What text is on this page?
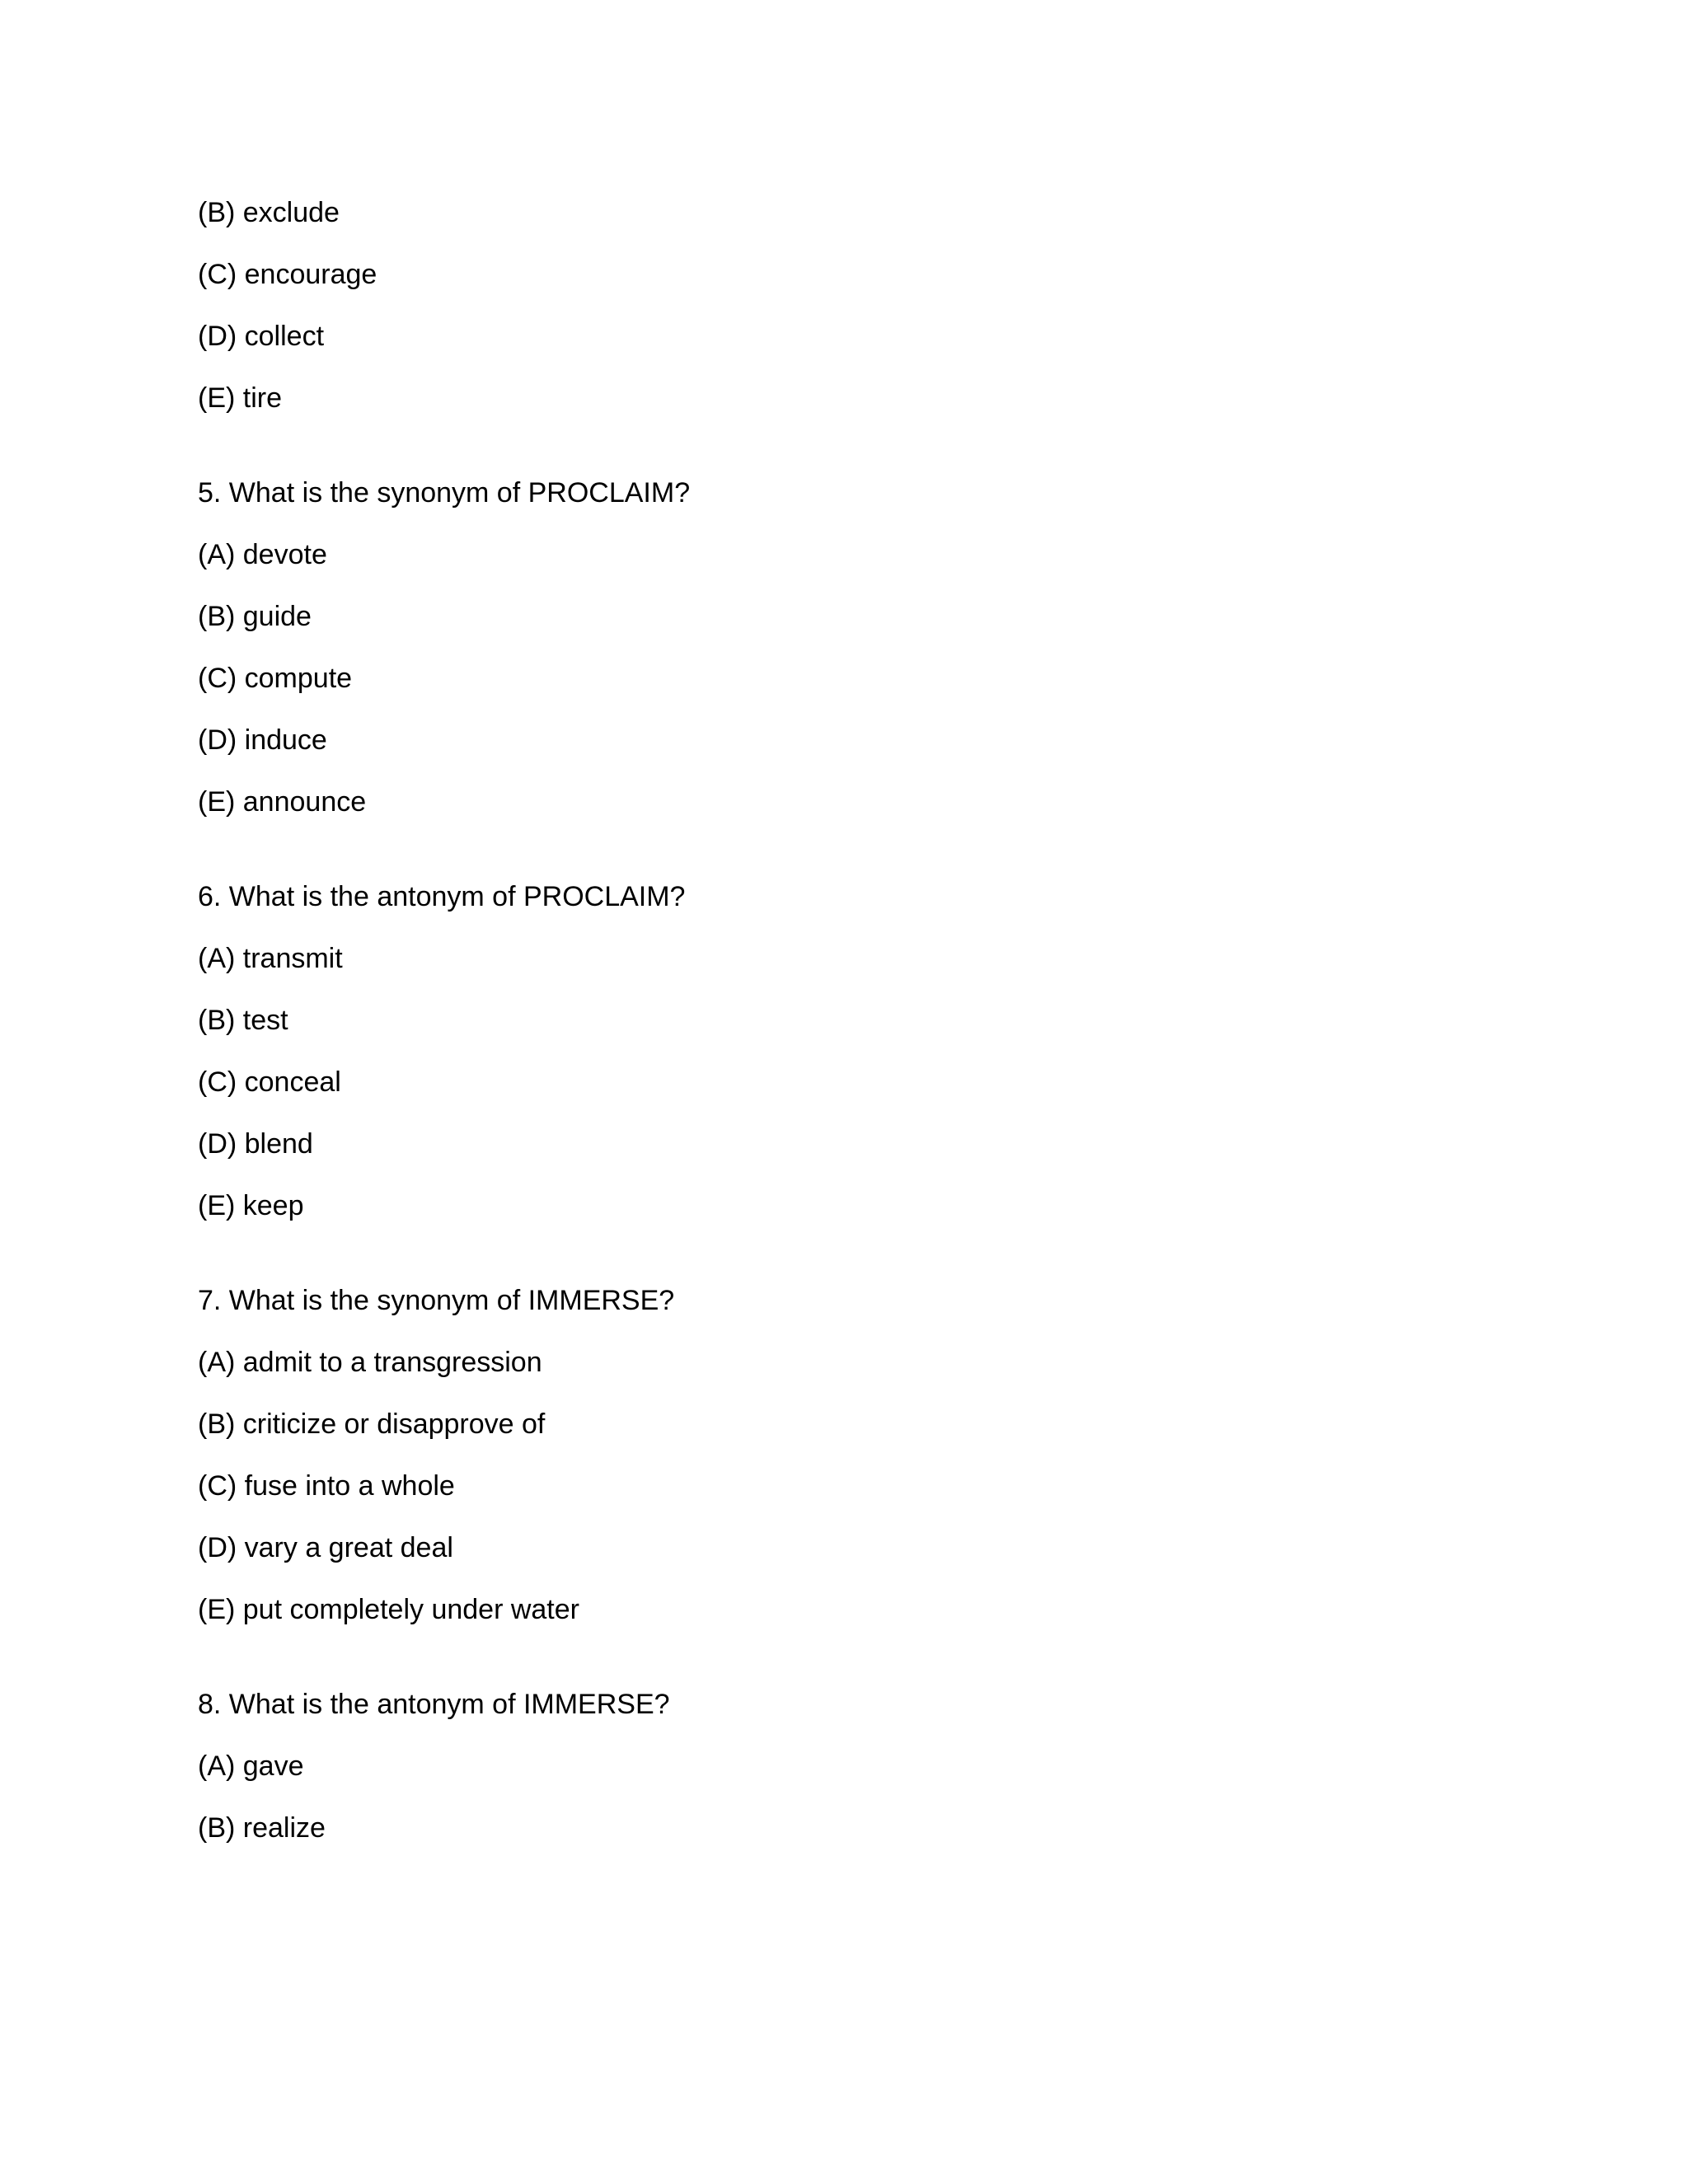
(B) exclude
(C) encourage
(D) collect
(E) tire
5. What is the synonym of PROCLAIM?
(A) devote
(B) guide
(C) compute
(D) induce
(E) announce
6. What is the antonym of PROCLAIM?
(A) transmit
(B) test
(C) conceal
(D) blend
(E) keep
7. What is the synonym of IMMERSE?
(A) admit to a transgression
(B) criticize or disapprove of
(C) fuse into a whole
(D) vary a great deal
(E) put completely under water
8. What is the antonym of IMMERSE?
(A) gave
(B) realize
